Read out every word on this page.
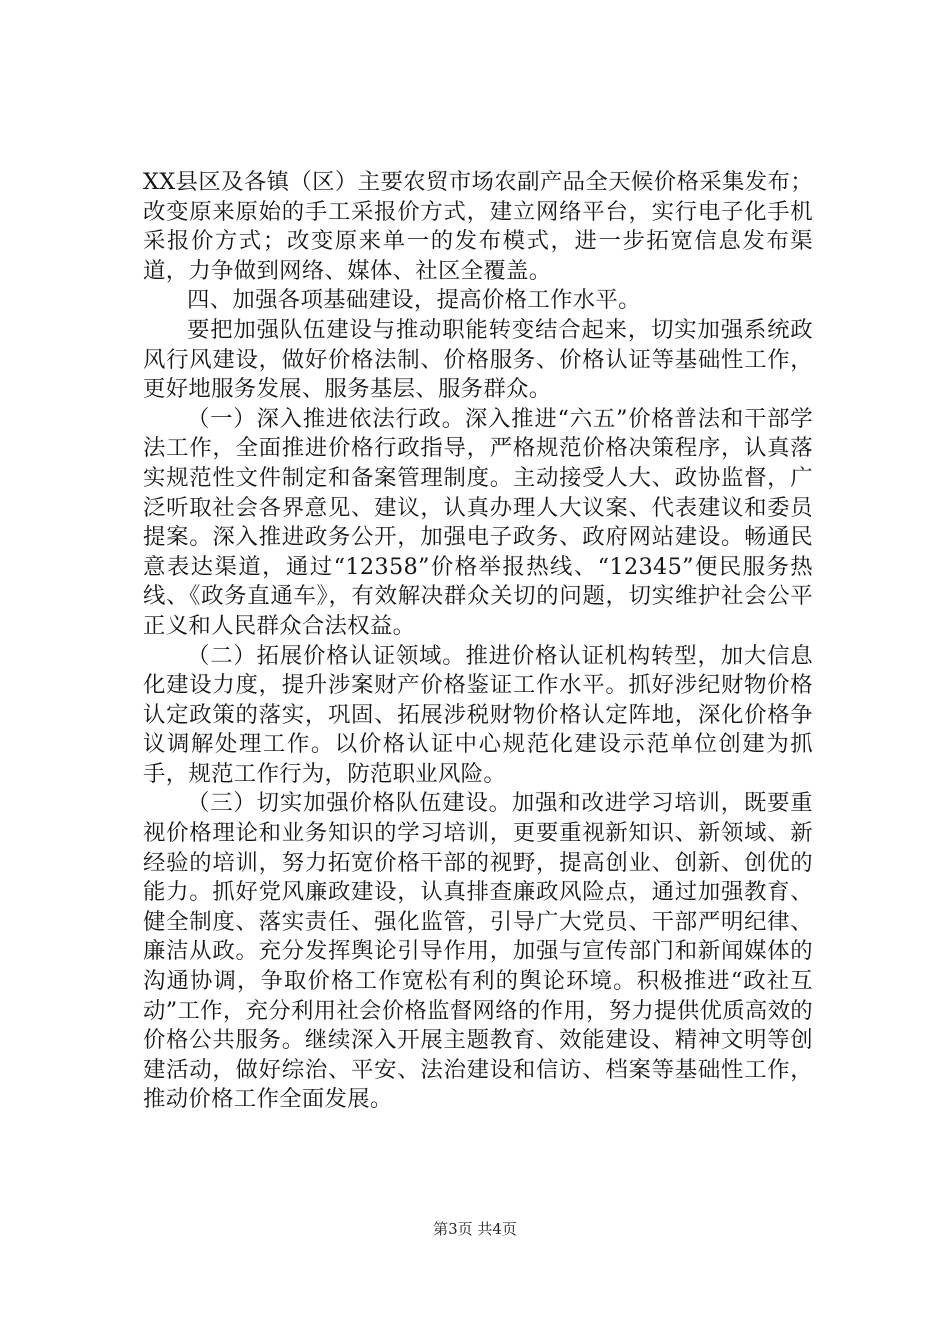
XX县区及各镇（区）主要农贸市场农副产品全天候价格采集发布；改变原来原始的手工采报价方式，建立网络平台，实行电子化手机采报价方式；改变原来单一的发布模式，进一步拓宽信息发布渠道，力争做到网络、媒体、社区全覆盖。

四、加强各项基础建设，提高价格工作水平。

要把加强队伍建设与推动职能转变结合起来，切实加强系统政风行风建设，做好价格法制、价格服务、价格认证等基础性工作，更好地服务发展、服务基层、服务群众。

（一）深入推进依法行政。深入推进“六五”价格普法和干部学法工作，全面推进价格行政指导，严格规范价格决策程序，认真落实规范性文件制定和备案管理制度。主动接受人大、政协监督，广泛听取社会各界意见、建议，认真办理人大议案、代表建议和委员提案。深入推进政务公开，加强电子政务、政府网站建设。畅通民意表达渠道，通过“12358”价格举报热线、“12345”便民服务热线、《政务直通车》，有效解决群众关切的问题，切实维护社会公平正义和人民群众合法权益。

（二）拓展价格认证领域。推进价格认证机构转型，加大信息化建设力度，提升涉案财产价格鉴证工作水平。抓好涉纪财物价格认定政策的落实，巩固、拓展涉税财物价格认定阵地，深化价格争议调解处理工作。以价格认证中心规范化建设示范单位创建为抓手，规范工作行为，防范职业风险。

（三）切实加强价格队伍建设。加强和改进学习培训，既要重视价格理论和业务知识的学习培训，更要重视新知识、新领域、新经验的培训，努力拓宽价格干部的视野，提高创业、创新、创优的能力。抓好党风廉政建设，认真排查廉政风险点，通过加强教育、健全制度、落实责任、强化监管，引导广大党员、干部严明纪律、廉洁从政。充分发挥舆论引导作用，加强与宣传部门和新闻媒体的沟通协调，争取价格工作宽松有利的舆论环境。积极推进“政社互动”工作，充分利用社会价格监督网络的作用，努力提供优质高效的价格公共服务。继续深入开展主题教育、效能建设、精神文明等创建活动，做好综治、平安、法治建设和信访、档案等基础性工作，推动价格工作全面发展。

第3页 共4页
